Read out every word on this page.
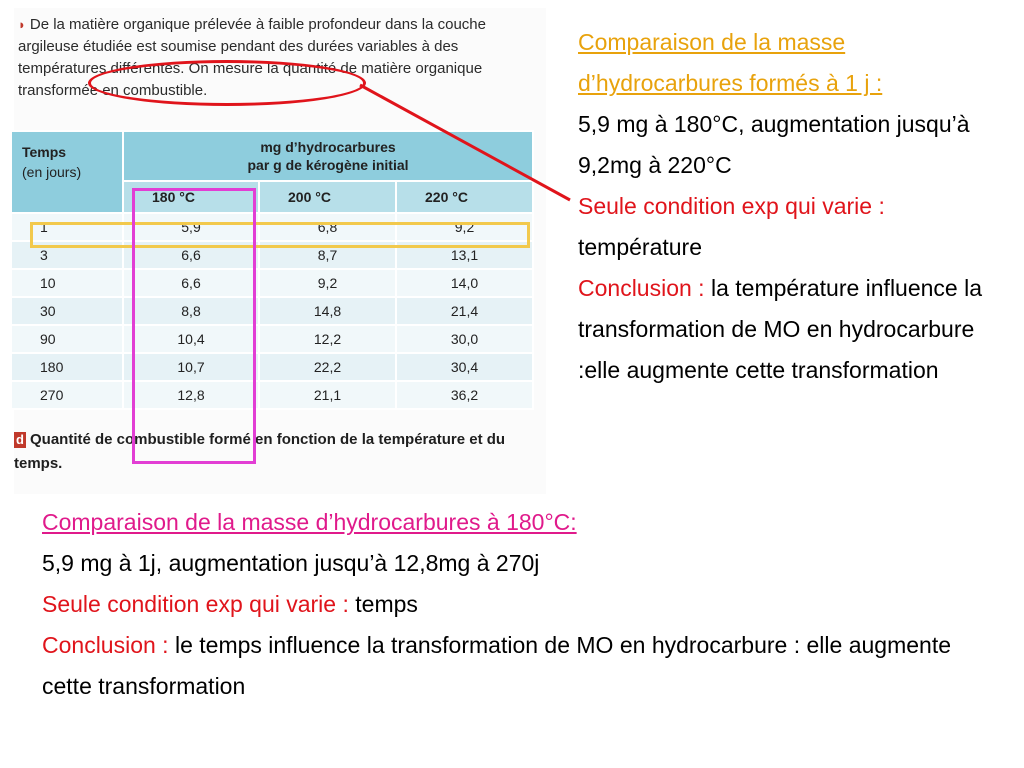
◗ De la matière organique prélevée à faible profondeur dans la couche argileuse étudiée est soumise pendant des durées variables à des températures différentes. On mesure la quantité de matière organique transformée en combustible.
Temps
(en jours)	mg d’hydrocarbures
par g de kérogène initial		
	180 °C	200 °C	220 °C
1	5,9	6,8	9,2
3	6,6	8,7	13,1
10	6,6	9,2	14,0
30	8,8	14,8	21,4
90	10,4	12,2	30,0
180	10,7	22,2	30,4
270	12,8	21,1	36,2
d Quantité de combustible formé en fonction de la température et du temps.

Comparaison de la masse d’hydrocarbures formés à 1 j :

5,9 mg à 180°C, augmentation jusqu’à 9,2mg à 220°C

Seule condition exp qui varie : température

Conclusion : la température influence la transformation de MO en hydrocarbure :elle augmente cette transformation

Comparaison de la masse d’hydrocarbures à 180°C:

5,9 mg à 1j, augmentation jusqu’à 12,8mg à 270j

Seule condition exp qui varie : temps

Conclusion : le temps influence la transformation de MO en hydrocarbure : elle augmente cette transformation
